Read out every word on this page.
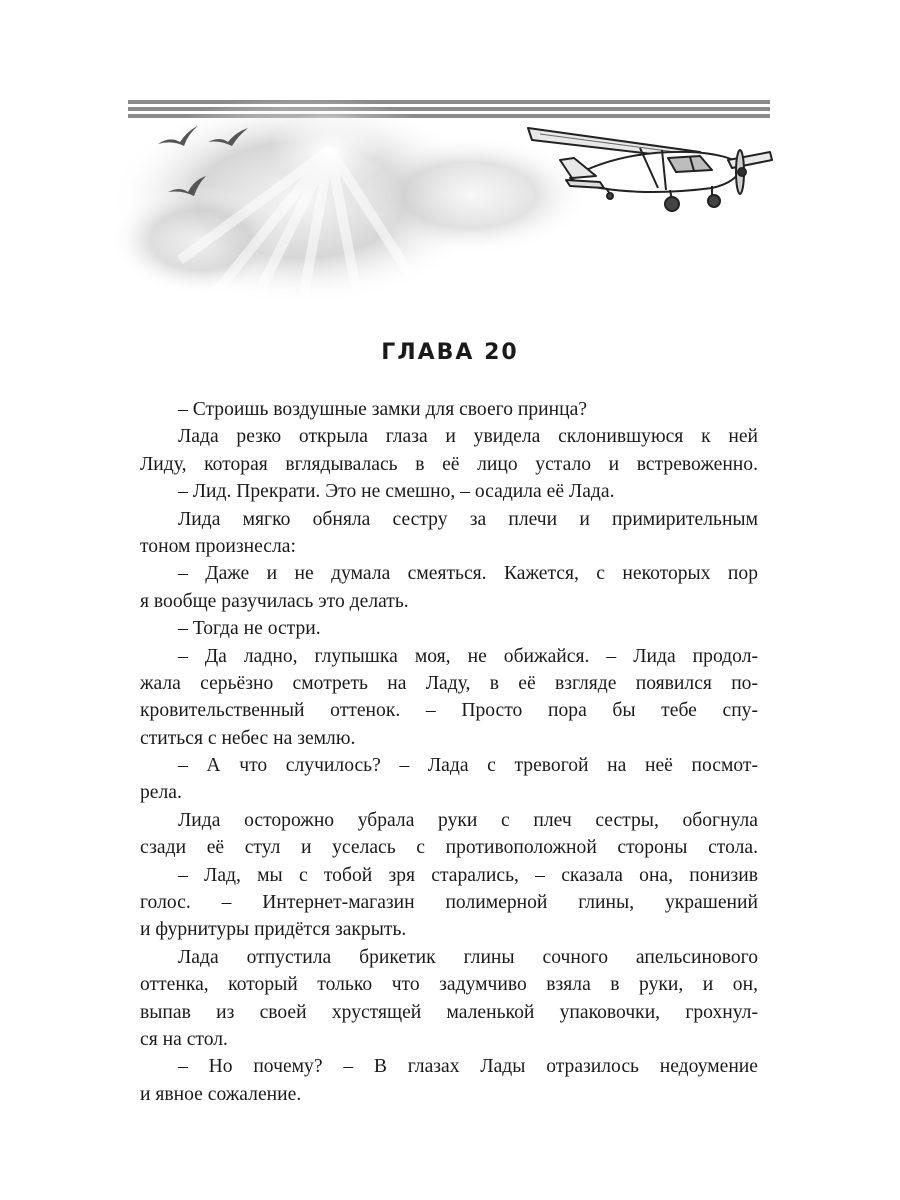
ГЛАВА 20
– Строишь воздушные замки для своего принца?
Лада резко открыла глаза и увидела склонившуюся к ней
Лиду, которая вглядывалась в её лицо устало и встревоженно.
– Лид. Прекрати. Это не смешно, – осадила её Лада.
Лида мягко обняла сестру за плечи и примирительным
тоном произнесла:
– Даже и не думала смеяться. Кажется, с некоторых пор
я вообще разучилась это делать.
– Тогда не остри.
– Да ладно, глупышка моя, не обижайся. – Лида продол-
жала серьёзно смотреть на Ладу, в её взгляде появился по-
кровительственный оттенок. – Просто пора бы тебе спу-
ститься с небес на землю.
– А что случилось? – Лада с тревогой на неё посмот-
рела.
Лида осторожно убрала руки с плеч сестры, обогнула
сзади её стул и уселась с противоположной стороны стола.
– Лад, мы с тобой зря старались, – сказала она, понизив
голос. – Интернет-магазин полимерной глины, украшений
и фурнитуры придётся закрыть.
Лада отпустила брикетик глины сочного апельсинового
оттенка, который только что задумчиво взяла в руки, и он,
выпав из своей хрустящей маленькой упаковочки, грохнул-
ся на стол.
– Но почему? – В глазах Лады отразилось недоумение
и явное сожаление.
